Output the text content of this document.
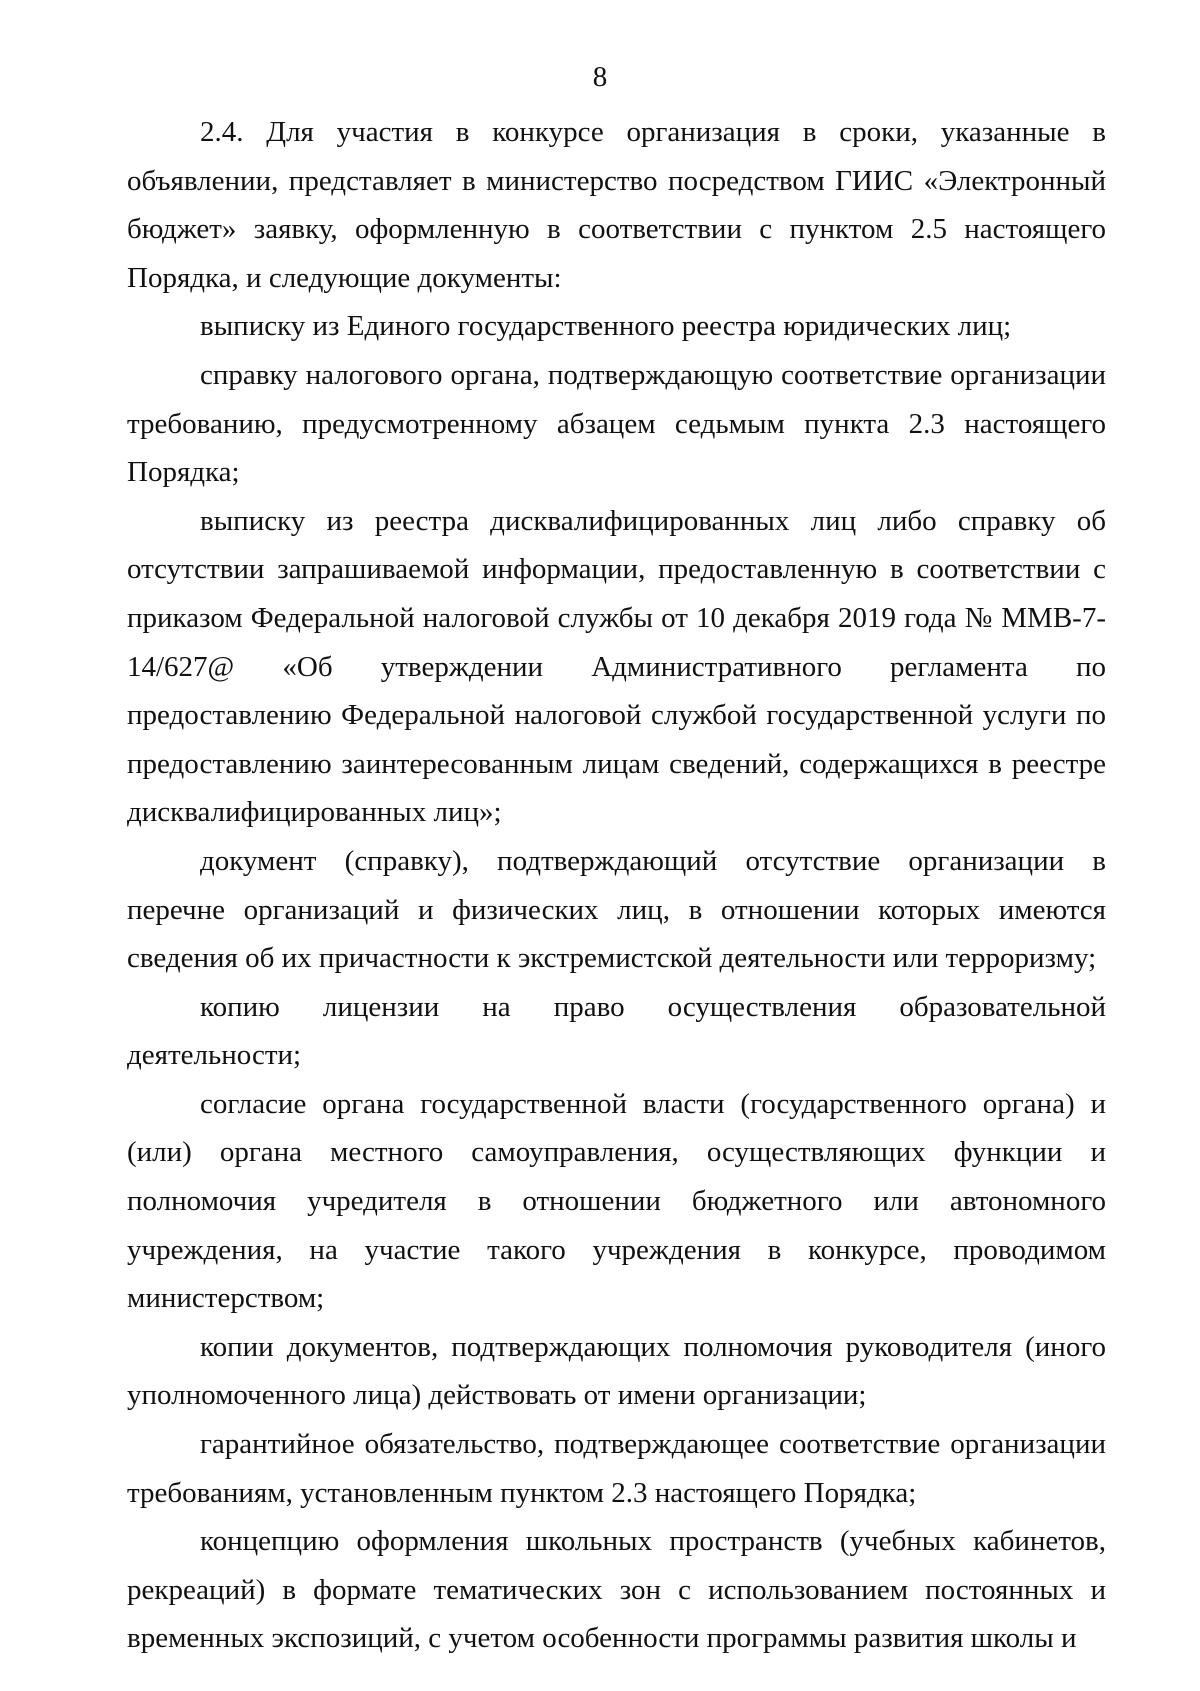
8

2.4. Для участия в конкурсе организация в сроки, указанные в объявлении, представляет в министерство посредством ГИИС «Электронный бюджет» заявку, оформленную в соответствии с пунктом 2.5 настоящего Порядка, и следующие документы:

выписку из Единого государственного реестра юридических лиц;

справку налогового органа, подтверждающую соответствие организации требованию, предусмотренному абзацем седьмым пункта 2.3 настоящего Порядка;

выписку из реестра дисквалифицированных лиц либо справку об отсутствии запрашиваемой информации, предоставленную в соответствии с приказом Федеральной налоговой службы от 10 декабря 2019 года № ММВ-7-14/627@ «Об утверждении Административного регламента по предоставлению Федеральной налоговой службой государственной услуги по предоставлению заинтересованным лицам сведений, содержащихся в реестре дисквалифицированных лиц»;

документ (справку), подтверждающий отсутствие организации в перечне организаций и физических лиц, в отношении которых имеются сведения об их причастности к экстремистской деятельности или терроризму;

копию лицензии на право осуществления образовательной деятельности;

согласие органа государственной власти (государственного органа) и (или) органа местного самоуправления, осуществляющих функции и полномочия учредителя в отношении бюджетного или автономного учреждения, на участие такого учреждения в конкурсе, проводимом министерством;

копии документов, подтверждающих полномочия руководителя (иного уполномоченного лица) действовать от имени организации;

гарантийное обязательство, подтверждающее соответствие организации требованиям, установленным пунктом 2.3 настоящего Порядка;

концепцию оформления школьных пространств (учебных кабинетов, рекреаций) в формате тематических зон с использованием постоянных и временных экспозиций, с учетом особенности программы развития школы и
